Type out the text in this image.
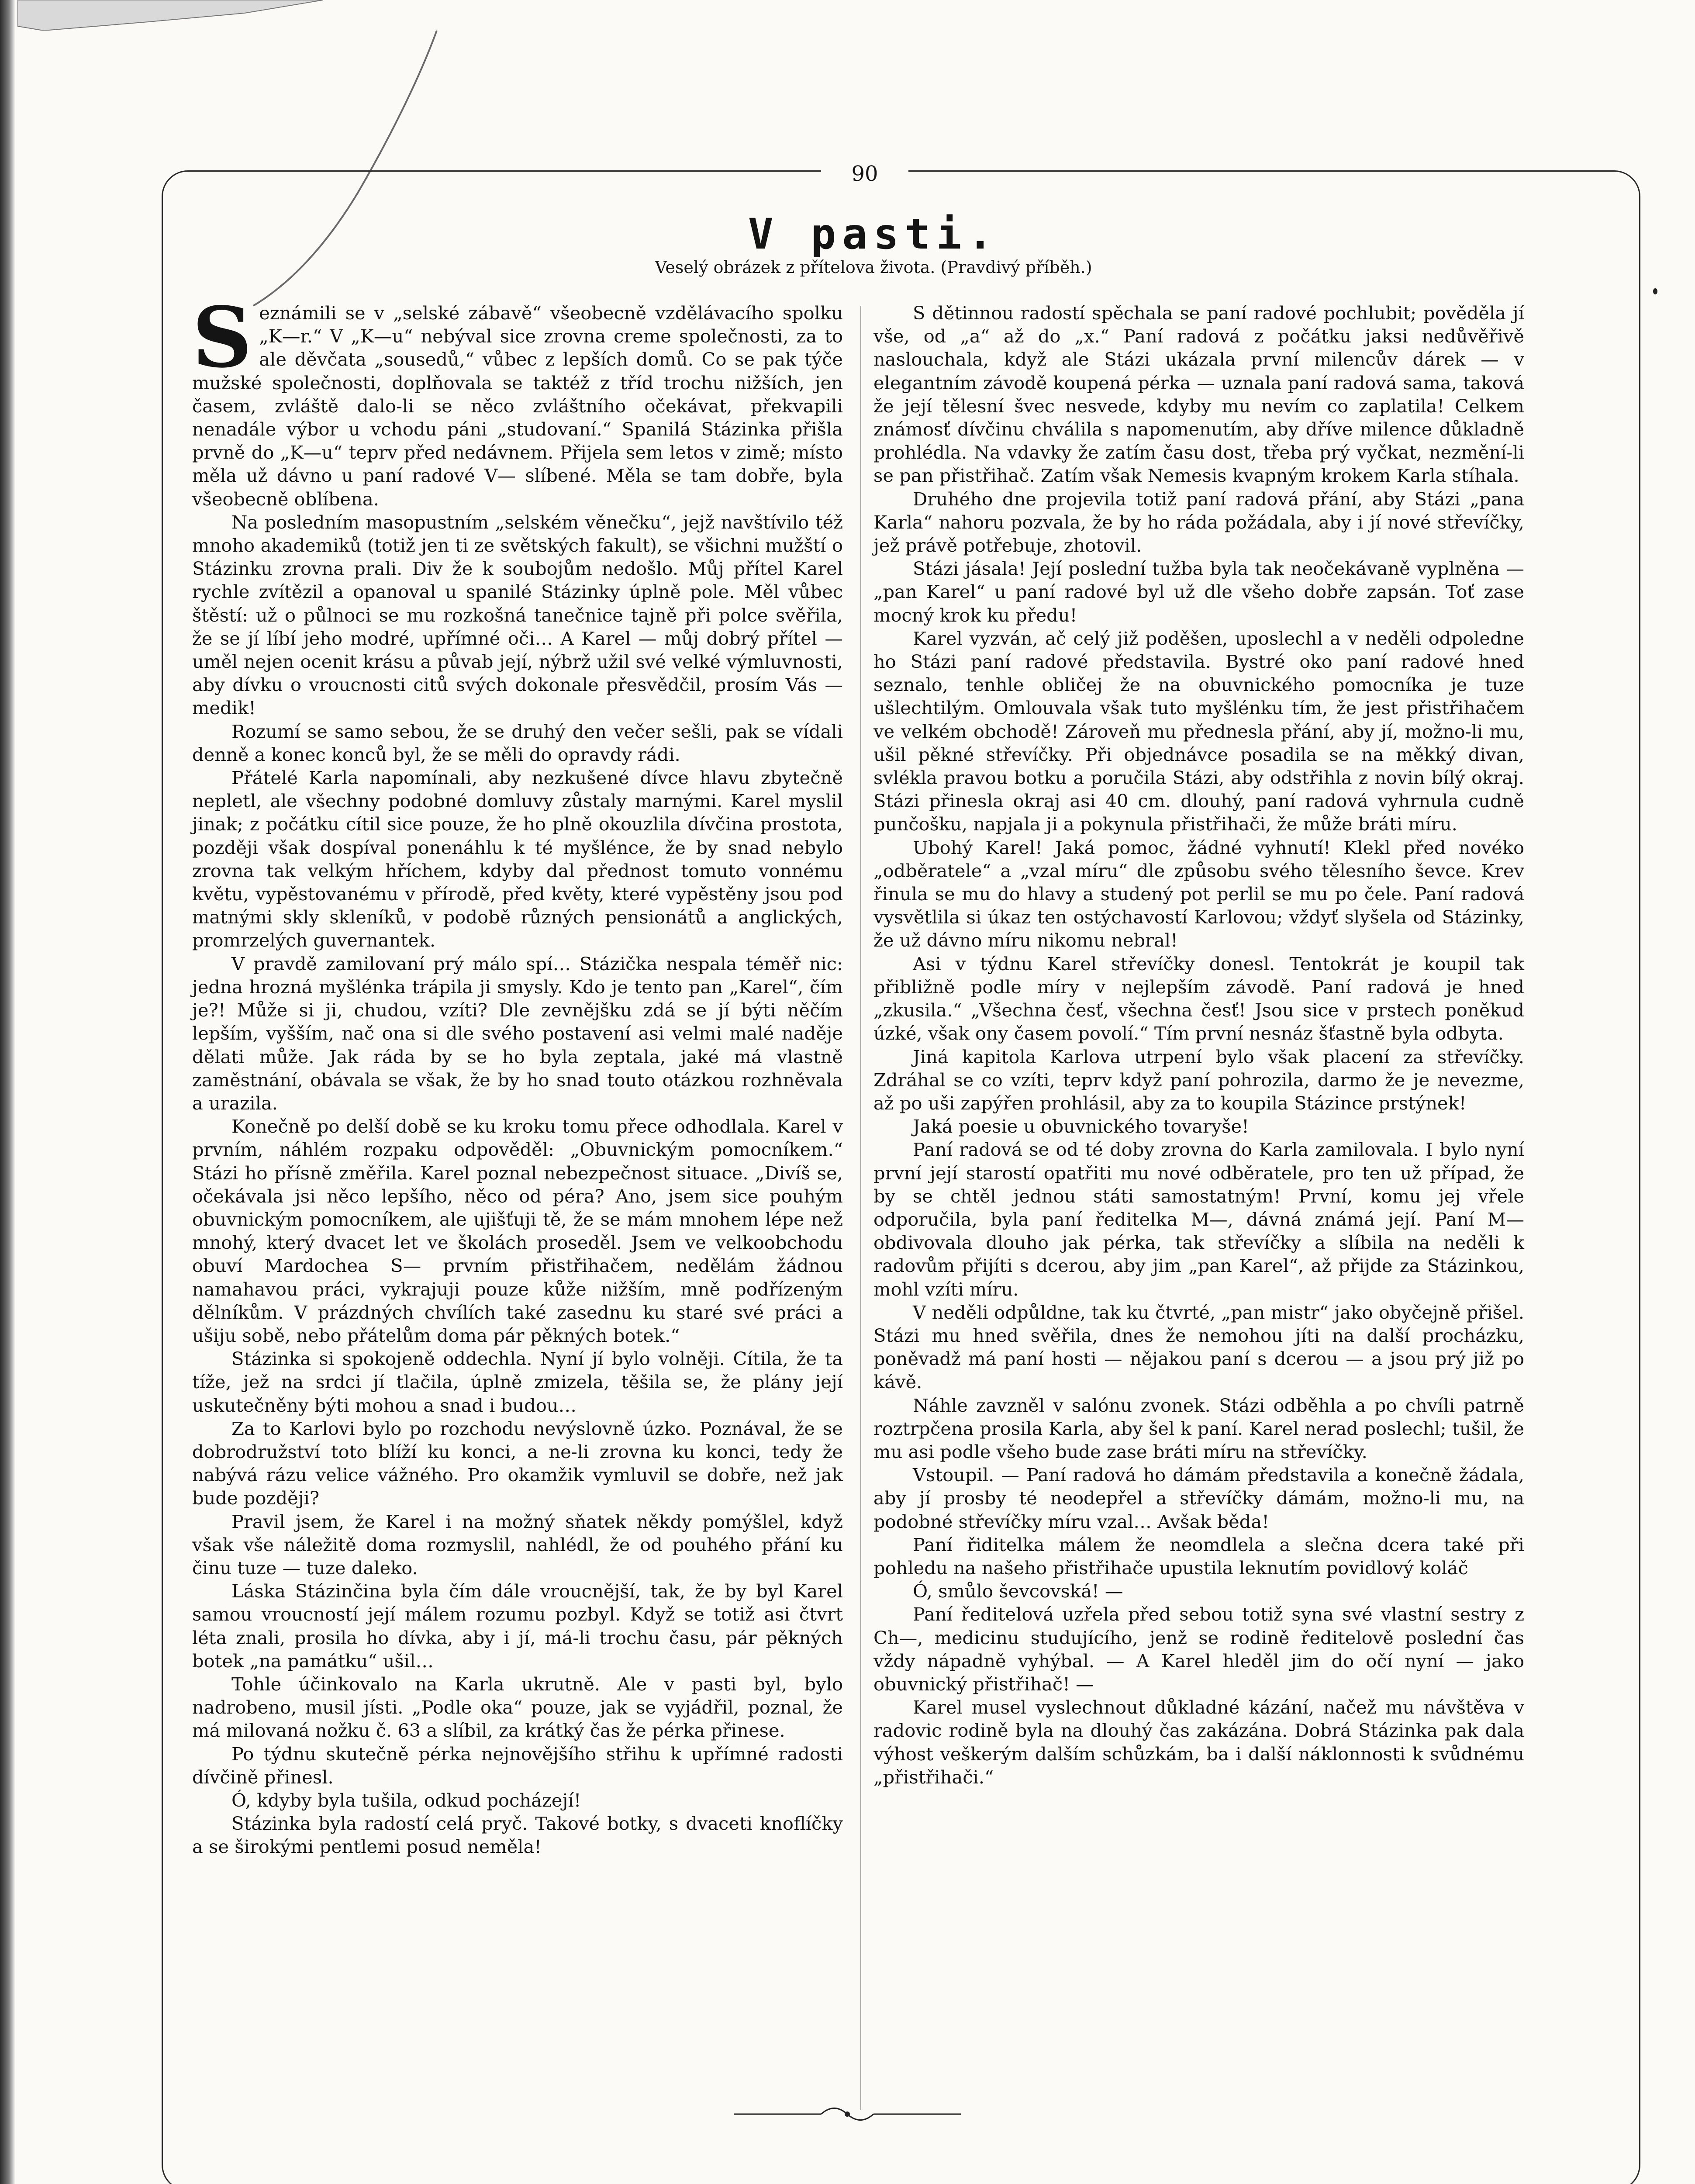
90
V pasti.
Veselý obrázek z přítelova života. (Pravdivý příběh.)

Seznámili se v „selské zábavě“ všeobecně vzdělávacího spolku „K—r.“ V „K—u“ nebýval sice zrovna creme společnosti, za to ale děvčata „sousedů,“ vůbec z lepších domů. Co se pak týče mužské společnosti, doplňovala se taktéž z tříd trochu nižších, jen časem, zvláště dalo-li se něco zvláštního očekávat, překvapili nenadále výbor u vchodu páni „studovaní.“ Spanilá Stázinka přišla prvně do „K—u“ teprv před nedávnem. Přijela sem letos v zimě; místo měla už dávno u paní radové V— slíbené. Měla se tam dobře, byla všeobecně oblíbena.

Na posledním masopustním „selském věnečku“, jejž navštívilo též mnoho akademiků (totiž jen ti ze světských fakult), se všichni mužští o Stázinku zrovna prali. Div že k soubojům nedošlo. Můj přítel Karel rychle zvítězil a opanoval u spanilé Stázinky úplně pole. Měl vůbec štěstí: už o půlnoci se mu rozkošná tanečnice tajně při polce svěřila, že se jí líbí jeho modré, upřímné oči… A Karel — můj dobrý přítel — uměl nejen ocenit krásu a půvab její, nýbrž užil své velké výmluvnosti, aby dívku o vroucnosti citů svých dokonale přesvědčil, prosím Vás — medik!

Rozumí se samo sebou, že se druhý den večer sešli, pak se vídali denně a konec konců byl, že se měli do opravdy rádi.

Přátelé Karla napomínali, aby nezkušené dívce hlavu zbytečně nepletl, ale všechny podobné domluvy zůstaly marnými. Karel myslil jinak; z počátku cítil sice pouze, že ho plně okouzlila dívčina prostota, později však dospíval ponenáhlu k té myšlénce, že by snad nebylo zrovna tak velkým hříchem, kdyby dal přednost tomuto vonnému květu, vypěstovanému v přírodě, před květy, které vypěstěny jsou pod matnými skly skleníků, v podobě různých pensionátů a anglických, promrzelých guvernantek.

V pravdě zamilovaní prý málo spí… Stázička nespala téměř nic: jedna hrozná myšlénka trápila ji smysly. Kdo je tento pan „Karel“, čím je?! Může si ji, chudou, vzíti? Dle zevnějšku zdá se jí býti něčím lepším, vyšším, nač ona si dle svého postavení asi velmi malé naděje dělati může. Jak ráda by se ho byla zeptala, jaké má vlastně zaměstnání, obávala se však, že by ho snad touto otázkou rozhněvala a urazila.

Konečně po delší době se ku kroku tomu přece odhodlala. Karel v prvním, náhlém rozpaku odpověděl: „Obuvnickým pomocníkem.“ Stázi ho přísně změřila. Karel poznal nebezpečnost situace. „Divíš se, očekávala jsi něco lepšího, něco od péra? Ano, jsem sice pouhým obuvnickým pomocníkem, ale ujišťuji tě, že se mám mnohem lépe než mnohý, který dvacet let ve školách proseděl. Jsem ve velkoobchodu obuví Mardochea S— prvním přistřihačem, nedělám žádnou namahavou práci, vykrajuji pouze kůže nižším, mně podřízeným dělníkům. V prázdných chvílích také zasednu ku staré své práci a ušiju sobě, nebo přátelům doma pár pěkných botek.“

Stázinka si spokojeně oddechla. Nyní jí bylo volněji. Cítila, že ta tíže, jež na srdci jí tlačila, úplně zmizela, těšila se, že plány její uskutečněny býti mohou a snad i budou…

Za to Karlovi bylo po rozchodu nevýslovně úzko. Poznával, že se dobrodružství toto blíží ku konci, a ne-li zrovna ku konci, tedy že nabývá rázu velice vážného. Pro okamžik vymluvil se dobře, než jak bude později?

Pravil jsem, že Karel i na možný sňatek někdy pomýšlel, když však vše náležitě doma rozmyslil, nahlédl, že od pouhého přání ku činu tuze — tuze daleko.

Láska Stázinčina byla čím dále vroucnější, tak, že by byl Karel samou vroucností její málem rozumu pozbyl. Když se totiž asi čtvrt léta znali, prosila ho dívka, aby i jí, má-li trochu času, pár pěkných botek „na památku“ ušil…

Tohle účinkovalo na Karla ukrutně. Ale v pasti byl, bylo nadrobeno, musil jísti. „Podle oka“ pouze, jak se vyjádřil, poznal, že má milovaná nožku č. 63 a slíbil, za krátký čas že pérka přinese.

Po týdnu skutečně pérka nejnovějšího střihu k upřímné radosti dívčině přinesl.

Ó, kdyby byla tušila, odkud pocházejí!

Stázinka byla radostí celá pryč. Takové botky, s dvaceti knoflíčky a se širokými pentlemi posud neměla!

S dětinnou radostí spěchala se paní radové pochlubit; pověděla jí vše, od „a“ až do „x.“ Paní radová z počátku jaksi nedůvěřivě naslouchala, když ale Stázi ukázala první milencův dárek — v elegantním závodě koupená pérka — uznala paní radová sama, taková že její tělesní švec nesvede, kdyby mu nevím co zaplatila! Celkem známosť dívčinu chválila s napomenutím, aby dříve milence důkladně prohlédla. Na vdavky že zatím času dost, třeba prý vyčkat, nezmění-li se pan přistřihač. Zatím však Nemesis kvapným krokem Karla stíhala.

Druhého dne projevila totiž paní radová přání, aby Stázi „pana Karla“ nahoru pozvala, že by ho ráda požádala, aby i jí nové střevíčky, jež právě potřebuje, zhotovil.

Stázi jásala! Její poslední tužba byla tak neočekávaně vyplněna — „pan Karel“ u paní radové byl už dle všeho dobře zapsán. Toť zase mocný krok ku předu!

Karel vyzván, ač celý již poděšen, uposlechl a v neděli odpoledne ho Stázi paní radové představila. Bystré oko paní radové hned seznalo, tenhle obličej že na obuvnického pomocníka je tuze ušlechtilým. Omlouvala však tuto myšlénku tím, že jest přistřihačem ve velkém obchodě! Zároveň mu přednesla přání, aby jí, možno-li mu, ušil pěkné střevíčky. Při objednávce posadila se na měkký divan, svlékla pravou botku a poručila Stázi, aby odstřihla z novin bílý okraj. Stázi přinesla okraj asi 40 cm. dlouhý, paní radová vyhrnula cudně punčošku, napjala ji a pokynula přistřihači, že může bráti míru.

Ubohý Karel! Jaká pomoc, žádné vyhnutí! Klekl před novéko „odběratele“ a „vzal míru“ dle způsobu svého tělesního ševce. Krev řinula se mu do hlavy a studený pot perlil se mu po čele. Paní radová vysvětlila si úkaz ten ostýchavostí Karlovou; vždyť slyšela od Stázinky, že už dávno míru nikomu nebral!

Asi v týdnu Karel střevíčky donesl. Tentokrát je koupil tak přibližně podle míry v nejlepším závodě. Paní radová je hned „zkusila.“ „Všechna česť, všechna česť! Jsou sice v prstech poněkud úzké, však ony časem povolí.“ Tím první nesnáz šťastně byla odbyta.

Jiná kapitola Karlova utrpení bylo však placení za střevíčky. Zdráhal se co vzíti, teprv když paní pohrozila, darmo že je nevezme, až po uši zapýřen prohlásil, aby za to koupila Stázince prstýnek!

Jaká poesie u obuvnického tovaryše!

Paní radová se od té doby zrovna do Karla zamilovala. I bylo nyní první její starostí opatřiti mu nové odběratele, pro ten už případ, že by se chtěl jednou státi samostatným! První, komu jej vřele odporučila, byla paní ředitelka M—, dávná známá její. Paní M— obdivovala dlouho jak pérka, tak střevíčky a slíbila na neděli k radovům přijíti s dcerou, aby jim „pan Karel“, až přijde za Stázinkou, mohl vzíti míru.

V neděli odpůldne, tak ku čtvrté, „pan mistr“ jako obyčejně přišel. Stázi mu hned svěřila, dnes že nemohou jíti na další procházku, poněvadž má paní hosti — nějakou paní s dcerou — a jsou prý již po kávě.

Náhle zavzněl v salónu zvonek. Stázi odběhla a po chvíli patrně roztrpčena prosila Karla, aby šel k paní. Karel nerad poslechl; tušil, že mu asi podle všeho bude zase bráti míru na střevíčky.

Vstoupil. — Paní radová ho dámám představila a konečně žádala, aby jí prosby té neodepřel a střevíčky dámám, možno-li mu, na podobné střevíčky míru vzal… Avšak běda!

Paní řiditelka málem že neomdlela a slečna dcera také při pohledu na našeho přistřihače upustila leknutím povidlový koláč

Ó, smůlo ševcovská! —

Paní ředitelová uzřela před sebou totiž syna své vlastní sestry z Ch—, medicinu studujícího, jenž se rodině ředitelově poslední čas vždy nápadně vyhýbal. — A Karel hleděl jim do očí nyní — jako obuvnický přistřihač! —

Karel musel vyslechnout důkladné kázání, načež mu návštěva v radovic rodině byla na dlouhý čas zakázána. Dobrá Stázinka pak dala výhost veškerým dalším schůzkám, ba i další náklonnosti k svůdnému „přistřihači.“
